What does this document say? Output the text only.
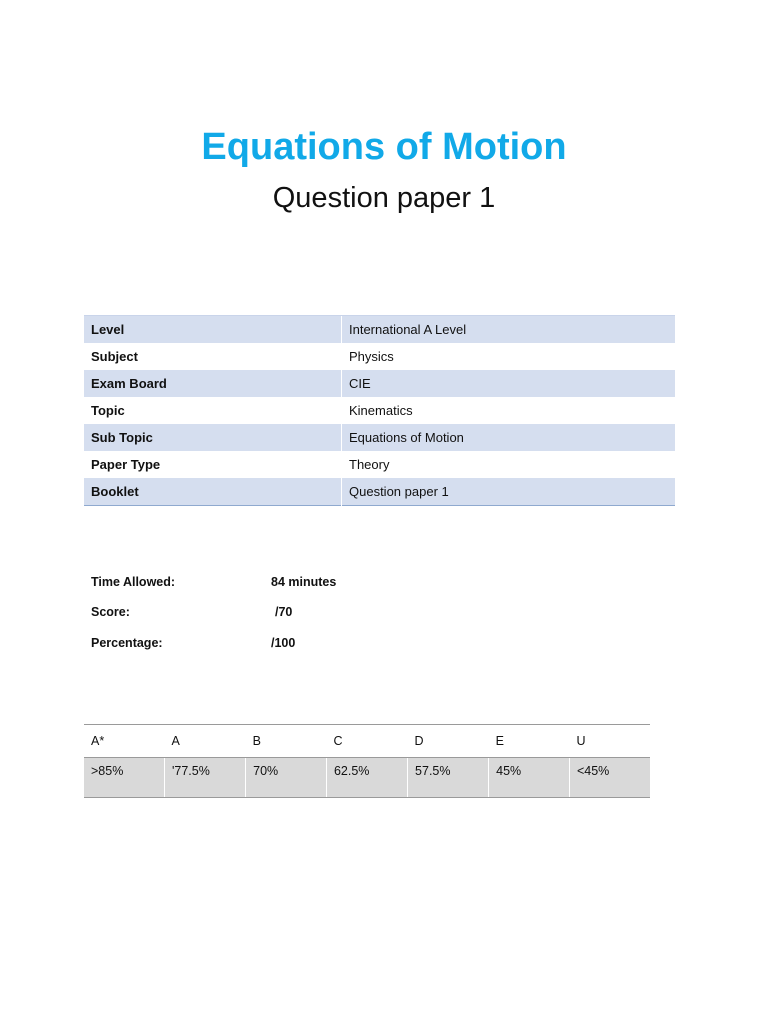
Equations of Motion
Question paper 1
Level	International A Level
Subject	Physics
Exam Board	CIE
Topic	Kinematics
Sub Topic	Equations of Motion
Paper Type	Theory
Booklet	Question paper 1
Time Allowed:	84 minutes
Score:	/70
Percentage:	/100
A*	A	B	C	D	E	U
>85%	'77.5%	70%	62.5%	57.5%	45%	<45%
